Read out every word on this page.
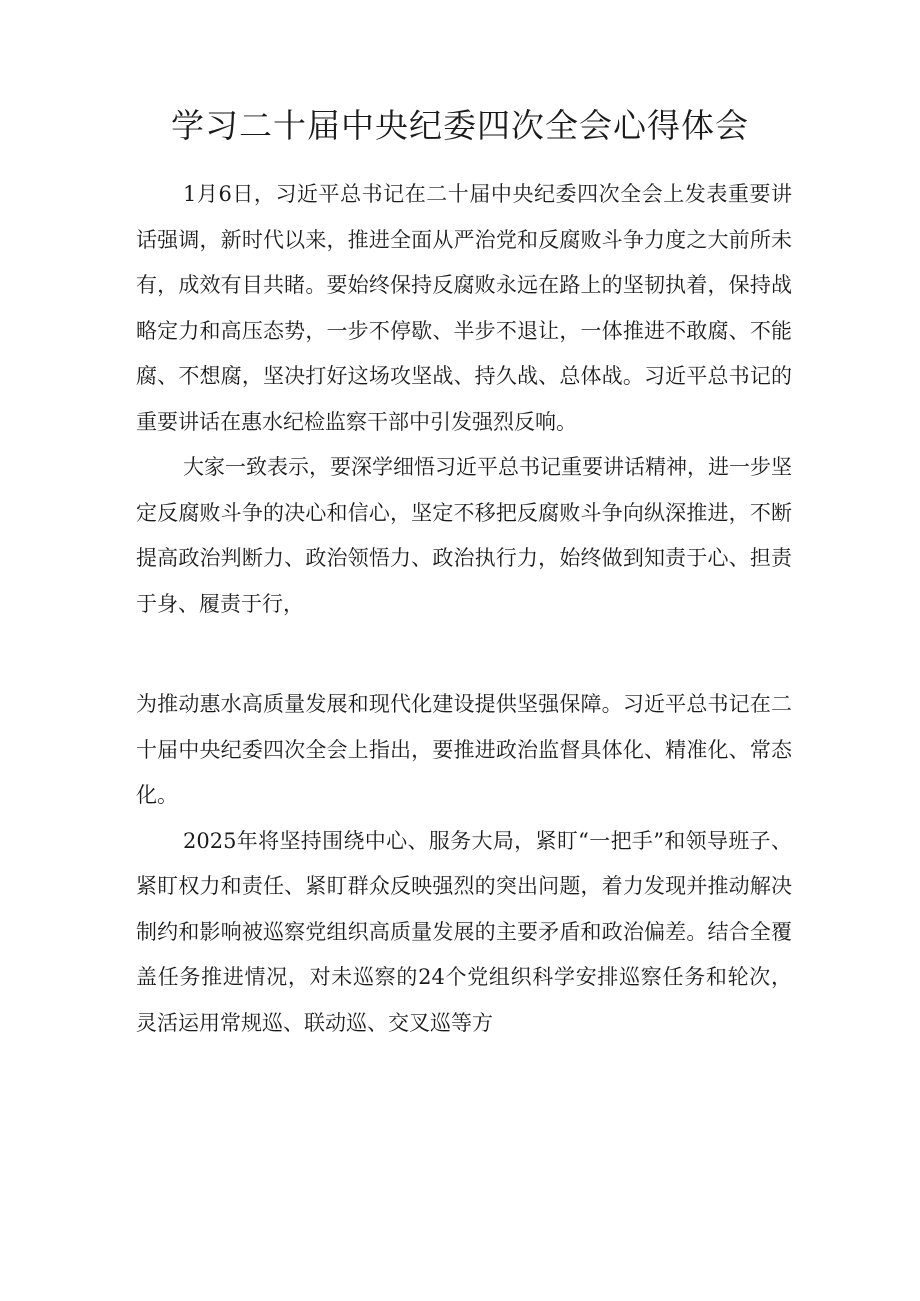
学习二十届中央纪委四次全会心得体会

1月6日，习近平总书记在二十届中央纪委四次全会上发表重要讲话强调，新时代以来，推进全面从严治党和反腐败斗争力度之大前所未有，成效有目共睹。要始终保持反腐败永远在路上的坚韧执着，保持战略定力和高压态势，一步不停歇、半步不退让，一体推进不敢腐、不能腐、不想腐，坚决打好这场攻坚战、持久战、总体战。习近平总书记的重要讲话在惠水纪检监察干部中引发强烈反响。

大家一致表示，要深学细悟习近平总书记重要讲话精神，进一步坚定反腐败斗争的决心和信心，坚定不移把反腐败斗争向纵深推进，不断提高政治判断力、政治领悟力、政治执行力，始终做到知责于心、担责于身、履责于行，

为推动惠水高质量发展和现代化建设提供坚强保障。习近平总书记在二十届中央纪委四次全会上指出，要推进政治监督具体化、精准化、常态化。

2025年将坚持围绕中心、服务大局，紧盯“一把手”和领导班子、紧盯权力和责任、紧盯群众反映强烈的突出问题，着力发现并推动解决制约和影响被巡察党组织高质量发展的主要矛盾和政治偏差。结合全覆盖任务推进情况，对未巡察的24个党组织科学安排巡察任务和轮次，灵活运用常规巡、联动巡、交叉巡等方
